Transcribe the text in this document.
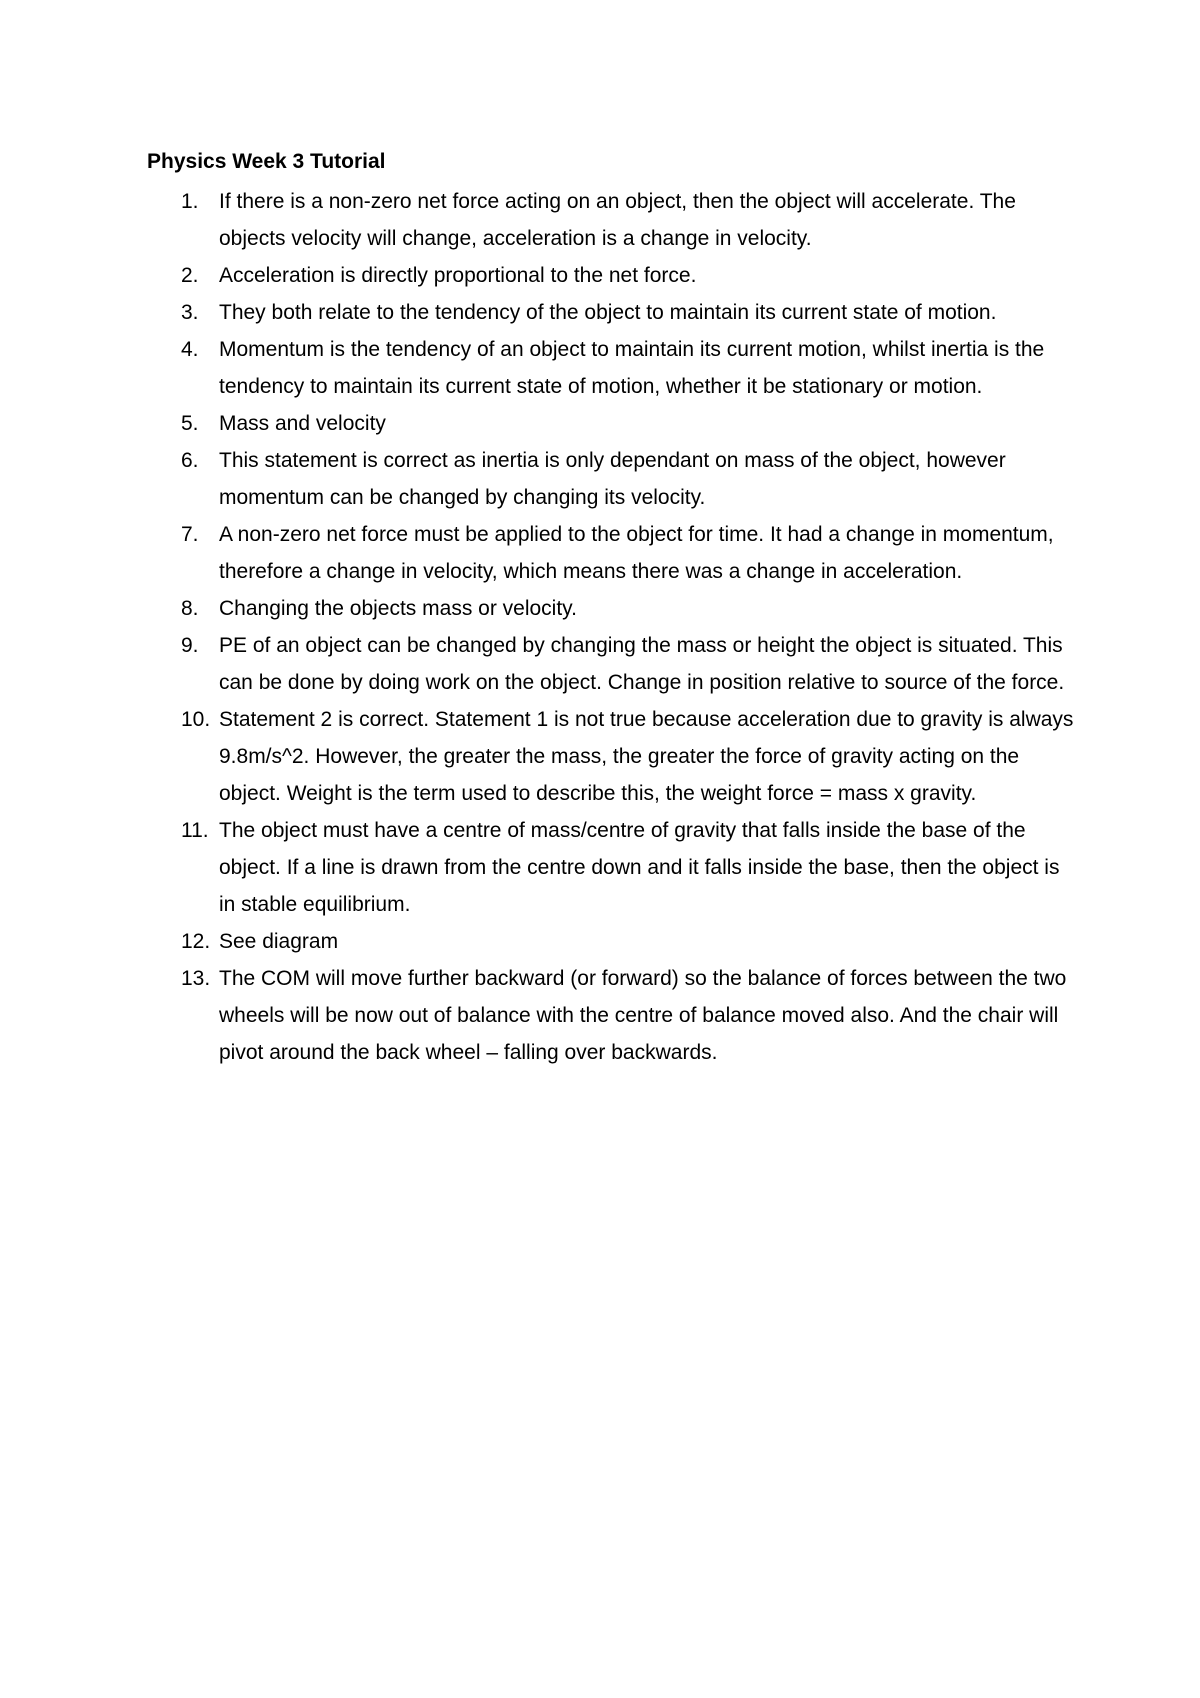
Physics Week 3 Tutorial
1. If there is a non-zero net force acting on an object, then the object will accelerate. The objects velocity will change, acceleration is a change in velocity.
2. Acceleration is directly proportional to the net force.
3. They both relate to the tendency of the object to maintain its current state of motion.
4. Momentum is the tendency of an object to maintain its current motion, whilst inertia is the tendency to maintain its current state of motion, whether it be stationary or motion.
5. Mass and velocity
6. This statement is correct as inertia is only dependant on mass of the object, however momentum can be changed by changing its velocity.
7. A non-zero net force must be applied to the object for time. It had a change in momentum, therefore a change in velocity, which means there was a change in acceleration.
8. Changing the objects mass or velocity.
9. PE of an object can be changed by changing the mass or height the object is situated. This can be done by doing work on the object. Change in position relative to source of the force.
10. Statement 2 is correct. Statement 1 is not true because acceleration due to gravity is always 9.8m/s^2. However, the greater the mass, the greater the force of gravity acting on the object. Weight is the term used to describe this, the weight force = mass x gravity.
11. The object must have a centre of mass/centre of gravity that falls inside the base of the object. If a line is drawn from the centre down and it falls inside the base, then the object is in stable equilibrium.
12. See diagram
13. The COM will move further backward (or forward) so the balance of forces between the two wheels will be now out of balance with the centre of balance moved also. And the chair will pivot around the back wheel – falling over backwards.
